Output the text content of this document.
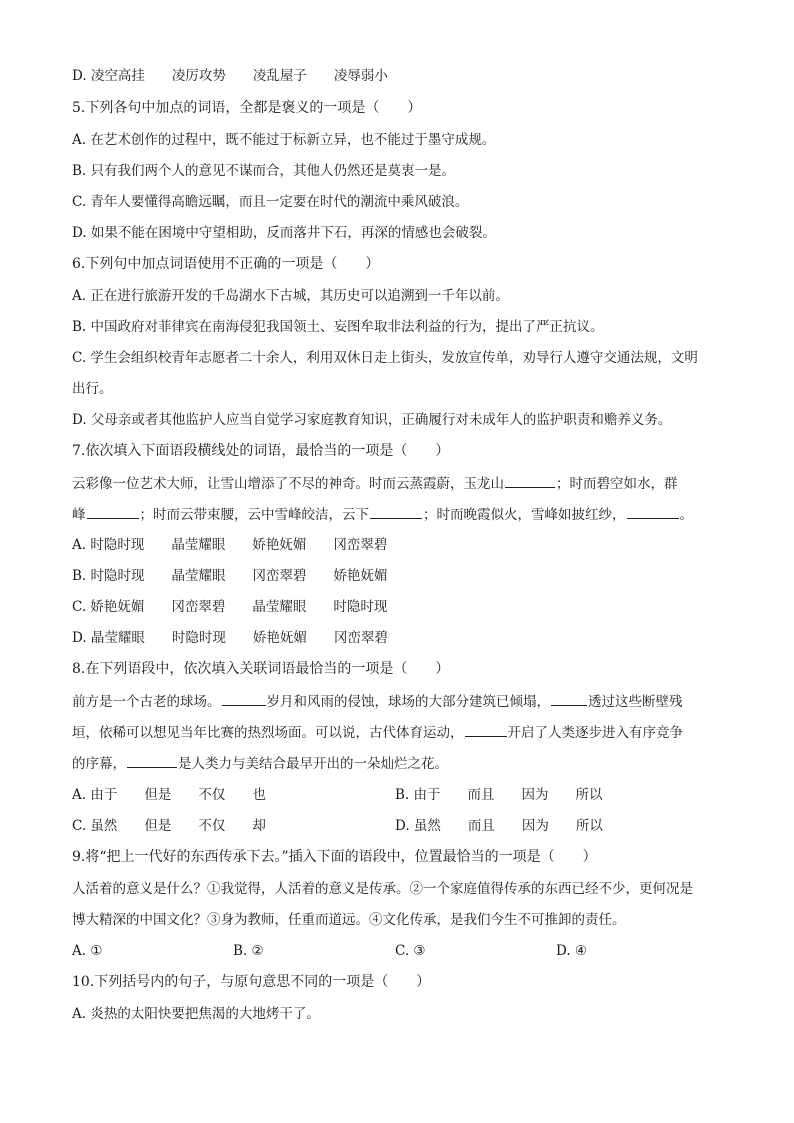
D. 凌空高挂　　凌厉攻势　　凌乱屋子　　凌辱弱小
5.下列各句中加点的词语，全都是褒义的一项是（　　）
A. 在艺术创作的过程中，既不能过于标新立异，也不能过于墨守成规。
B. 只有我们两个人的意见不谋而合，其他人仍然还是莫衷一是。
C. 青年人要懂得高瞻远瞩，而且一定要在时代的潮流中乘风破浪。
D. 如果不能在困境中守望相助，反而落井下石，再深的情感也会破裂。
6.下列句中加点词语使用不正确的一项是（　　）
A. 正在进行旅游开发的千岛湖水下古城，其历史可以追溯到一千年以前。
B. 中国政府对菲律宾在南海侵犯我国领土、妄图牟取非法利益的行为，提出了严正抗议。
C. 学生会组织校青年志愿者二十余人，利用双休日走上街头，发放宣传单，劝导行人遵守交通法规，文明
出行。
D. 父母亲或者其他监护人应当自觉学习家庭教育知识，正确履行对未成年人的监护职责和赡养义务。
7.依次填入下面语段横线处的词语，最恰当的一项是（　　）
云彩像一位艺术大师，让雪山增添了不尽的神奇。时而云蒸霞蔚，玉龙山	；时而碧空如水，群
峰	；时而云带束腰，云中雪峰皎洁，云下	；时而晚霞似火，雪峰如披红纱，	。
A. 时隐时现　　晶莹耀眼　　娇艳妩媚　　冈峦翠碧
B. 时隐时现　　晶莹耀眼　　冈峦翠碧　　娇艳妩媚
C. 娇艳妩媚　　冈峦翠碧　　晶莹耀眼　　时隐时现
D. 晶莹耀眼　　时隐时现　　娇艳妩媚　　冈峦翠碧
8.在下列语段中，依次填入关联词语最恰当的一项是（　　）
前方是一个古老的球场。	岁月和风雨的侵蚀，球场的大部分建筑已倾塌，	透过这些断壁残
垣，依稀可以想见当年比赛的热烈场面。可以说，古代体育运动，	开启了人类逐步进入有序竞争
的序幕，	是人类力与美结合最早开出的一朵灿烂之花。
A. 由于　　但是　　不仅　　也	B. 由于　　而且　　因为　　所以
C. 虽然　　但是　　不仅　　却	D. 虽然　　而且　　因为　　所以
9.将“把上一代好的东西传承下去。”插入下面的语段中，位置最恰当的一项是（　　）
人活着的意义是什么？①我觉得，人活着的意义是传承。②一个家庭值得传承的东西已经不少，更何况是
博大精深的中国文化？③身为教师，任重而道远。④文化传承，是我们今生不可推卸的责任。
A. ①	B. ②	C. ③	D. ④
10.下列括号内的句子，与原句意思不同的一项是（　　）
A. 炎热的太阳快要把焦渴的大地烤干了。
